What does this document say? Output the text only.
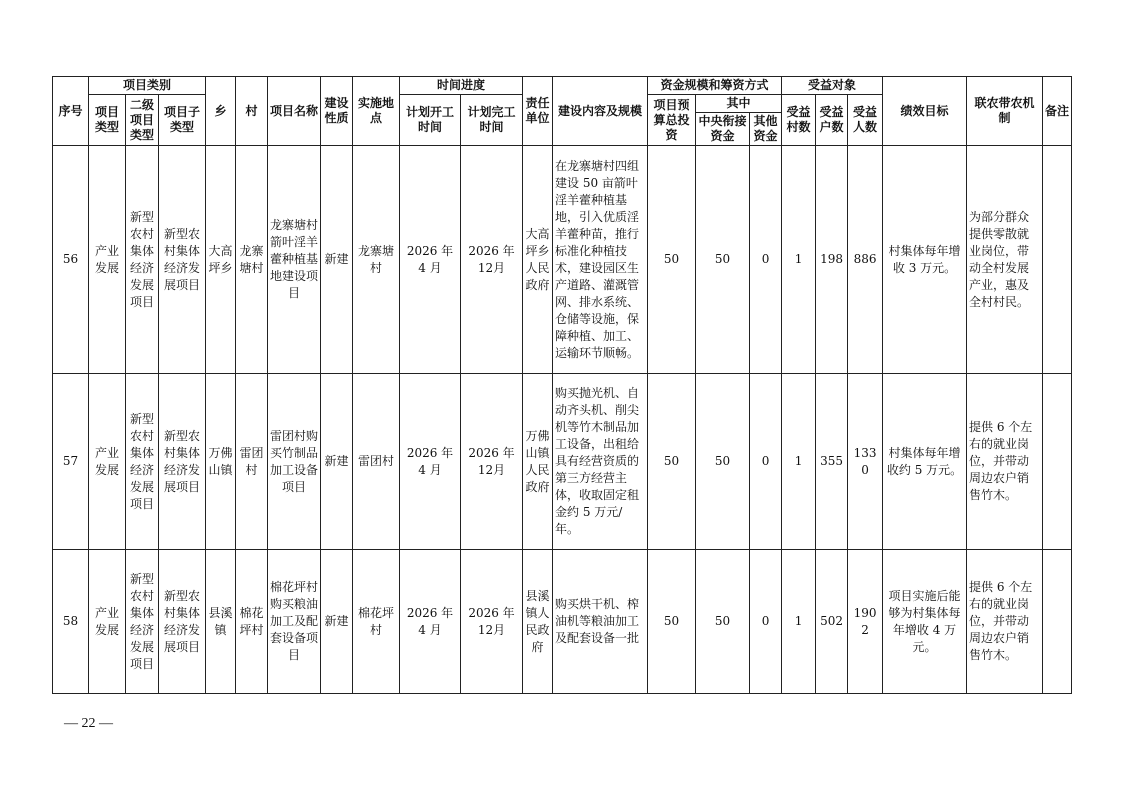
序号	项目类别			乡	村	项目名称	建设性质	实施地点	时间进度		责任单位	建设内容及规模	资金规模和筹资方式			受益对象			绩效目标	联农带农机制	备注
	项目类型	二级项目类型	项目子类型						计划开工时间	计划完工时间			项目预算总投资	其中		受益村数	受益户数	受益人数			
														中央衔接资金	其他资金						
56	产业发展	新型农村集体经济发展项目	新型农村集体经济发展项目	大高坪乡	龙寨塘村	龙寨塘村箭叶淫羊藿种植基地建设项目	新建	龙寨塘村	2026 年 4 月	2026 年 12月	大高坪乡人民政府	在龙寨塘村四组建设 50 亩箭叶淫羊藿种植基地，引入优质淫羊藿种苗，推行标准化种植技术，建设园区生产道路、灌溉管网、排水系统、仓储等设施，保障种植、加工、运输环节顺畅。	50	50	0	1	198	886	村集体每年增收 3 万元。	为部分群众提供零散就业岗位，带动全村发展产业，惠及全村村民。	
57	产业发展	新型农村集体经济发展项目	新型农村集体经济发展项目	万佛山镇	雷团村	雷团村购买竹制品加工设备项目	新建	雷团村	2026 年 4 月	2026 年 12月	万佛山镇人民政府	购买抛光机、自动齐头机、削尖机等竹木制品加工设备，出租给具有经营资质的第三方经营主体，收取固定租金约 5 万元/年。	50	50	0	1	355	1330	村集体每年增收约 5 万元。	提供 6 个左右的就业岗位，并带动周边农户销售竹木。	
58	产业发展	新型农村集体经济发展项目	新型农村集体经济发展项目	县溪镇	棉花坪村	棉花坪村购买粮油加工及配套设备项目	新建	棉花坪村	2026 年 4 月	2026 年 12月	县溪镇人民政府	购买烘干机、榨油机等粮油加工及配套设备一批	50	50	0	1	502	1902	项目实施后能够为村集体每年增收 4 万元。	提供 6 个左右的就业岗位，并带动周边农户销售竹木。	
— 22 —
